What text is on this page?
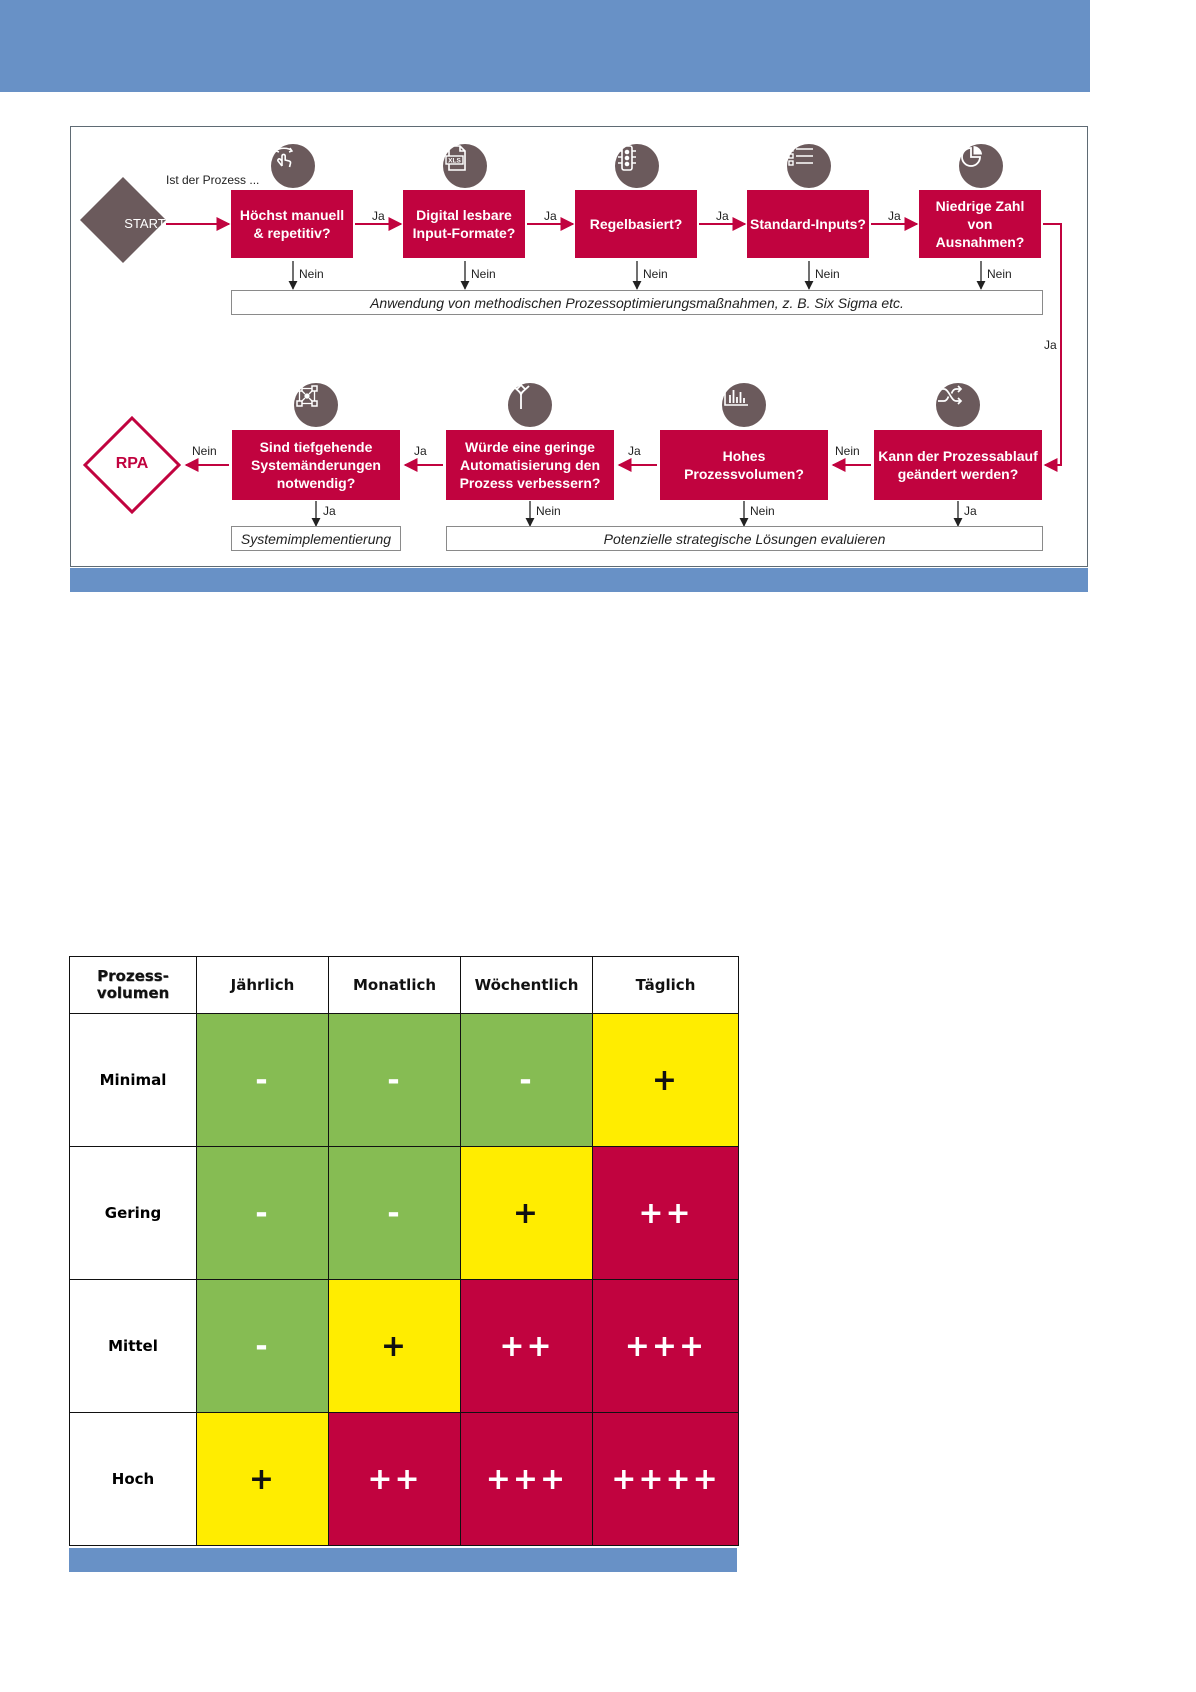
START
RPA
Ist der Prozess ...
XLS
Höchst manuell & repetitiv?
Digital lesbare Input-Formate?
Regelbasiert?	Standard-Inputs?
Niedrige Zahl von Ausnahmen?
Ja	Ja	Ja	Ja
Ja
Nein	Nein	Nein	Nein	Nein
Anwendung von methodischen Prozessoptimierungsmaßnahmen, z. B. Six Sigma etc.
Kann der Prozessablauf geändert werden?
Hohes Prozessvolumen?
Würde eine geringe Automatisierung den Prozess verbessern?
Sind tiefgehende Systemänderungen notwendig?
Nein
Ja
Ja
Nein
Ja	Nein	Nein	Ja
Systemimplementierung	Potenzielle strategische Lösungen evaluieren
Prozess-volumen	Jährlich	Monatlich	Wöchentlich	Täglich
Minimal	-	-	-	+
Gering	-	-	+	++
Mittel	-	+	++	+++
Hoch	+	++	+++	++++
